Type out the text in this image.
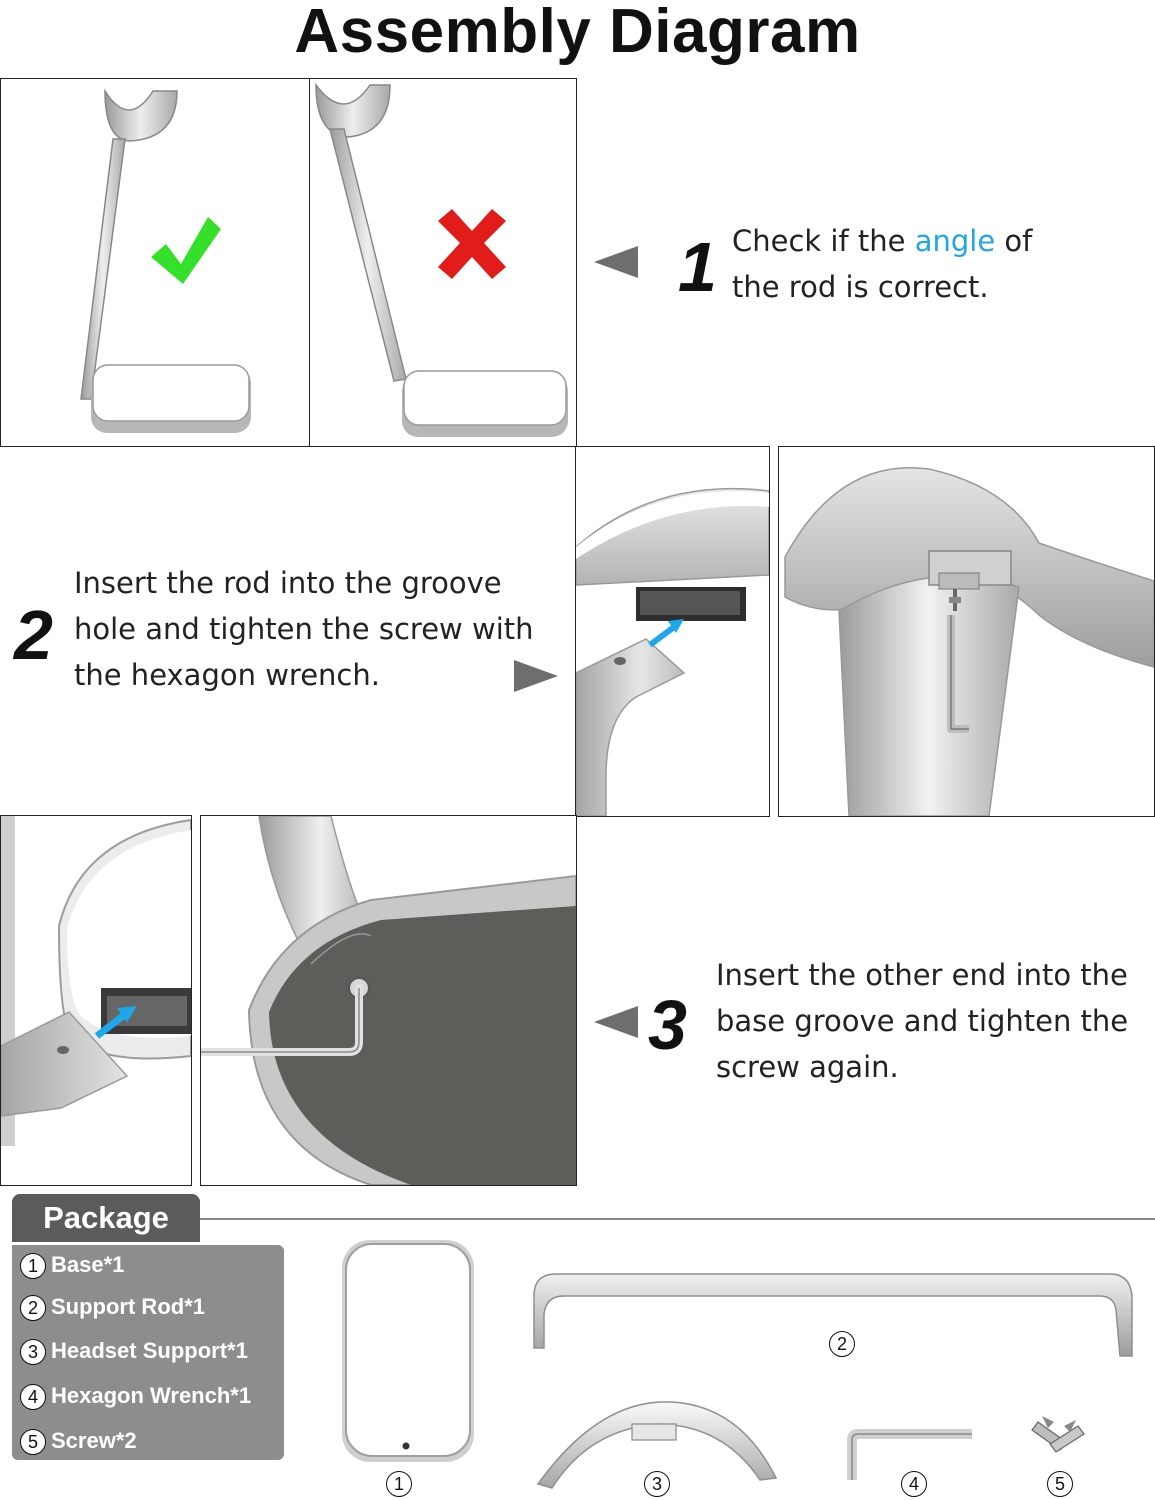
Assembly Diagram
1 Check if the angle of
the rod is correct.
2
Insert the rod into the groove
hole and tighten the screw with
the hexagon wrench.
3
Insert the other end into the
base groove and tighten the
screw again.
Package
1 Base*1
2 Support Rod*1
3 Headset Support*1
4 Hexagon Wrench*1
5 Screw*2
1
2
3	4	5
